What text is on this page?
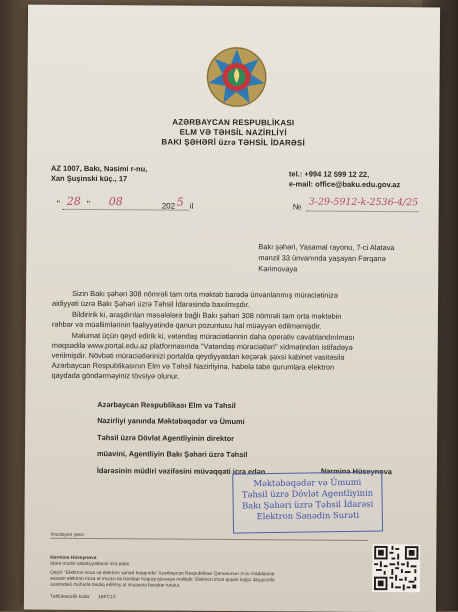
AZƏRBAYCAN RESPUBLİKASI
ELM VƏ TƏHSİL NAZİRLİYİ
BAKI ŞƏHƏRİ üzrə TƏHSİL İDARƏSİ
AZ 1007, Bakı, Nəsimi r-nu,
Xan Şuşinski küç., 17	tel.: +994 12 599 12 22,
e-mail: office@baku.edu.gov.az
" 28 " 08	202 5 il	№ 3-29-5912-k-2536-4/25
Bakı şəhəri, Yasamal rayonu, 7-ci Alatava
mənzil 33 ünvanında yaşayan Fərqanə
Kərimovaya
Sizin Bakı şəhəri 308 nömrəli tam orta məktəb barədə ünvanlanmış müraciətinizə
aidiyyəti üzrə Bakı Şəhəri üzrə Təhsil İdarəsində baxılmışdır.
Bildiririk ki, araşdırılan məsələlərə bağlı Bakı şəhəri 308 nömrəli tam orta məktəbin
rəhbər və müəllimlərinin fəaliyyətində qanun pozuntusu hal müəyyən edilməmişdir.
Məlumat üçün qeyd edirik ki, vətəndaş müraciətlərinin daha operativ cavablandırılması
məqsədilə www.portal.edu.az platformasında "Vətəndaş müraciətləri" xidmətindən istifadəyə
verilmişdir. Növbəti müraciətlərinizi portalda qeydiyyatdan keçərək şəxsi kabinet vasitəsilə
Azərbaycan Respublikasının Elm və Təhsil Nazirliyinə, habelə tabe qurumlara elektron
qaydada göndərməyiniz tövsiyə olunur.
Azərbaycan Respublikası Elm və Təhsil
Nazirliyi yanında Məktəbəqədər və Ümumi
Təhsil üzrə Dövlət Agentliyinin direktor
müavini, Agentliyin Bakı Şəhəri üzrə Təhsil
İdarəsinin müdiri vəzifəsini müvəqqəti icra edən	Nərminə Hüseynova
Məktəbəqədər və Ümumi
Təhsil üzrə Dövlət Agentliyinin
Bakı Şəhəri üzrə Təhsil İdarəsi
Elektron Sənədin Surəti
İmzalayan şəxs:
Nərminə Hüseynova
İdarə müdiri səlahiyyətlərini icra edən
Qeyd: "Elektron imza və elektron sənəd haqqında" Azərbaycan Respublikası Qanununun 3-cü maddəsinə
əsasən elektron imza ət imzası ilə bərabər hüquqi qüvvəyə malikdir. Elektron imza qoyan kağız daşıyıcıda
üzərindəki mühürlə təsdiq edilmiş ət imzasına bərabər tutulur.
Təhlükəsizlik kodu: 1BFC13
